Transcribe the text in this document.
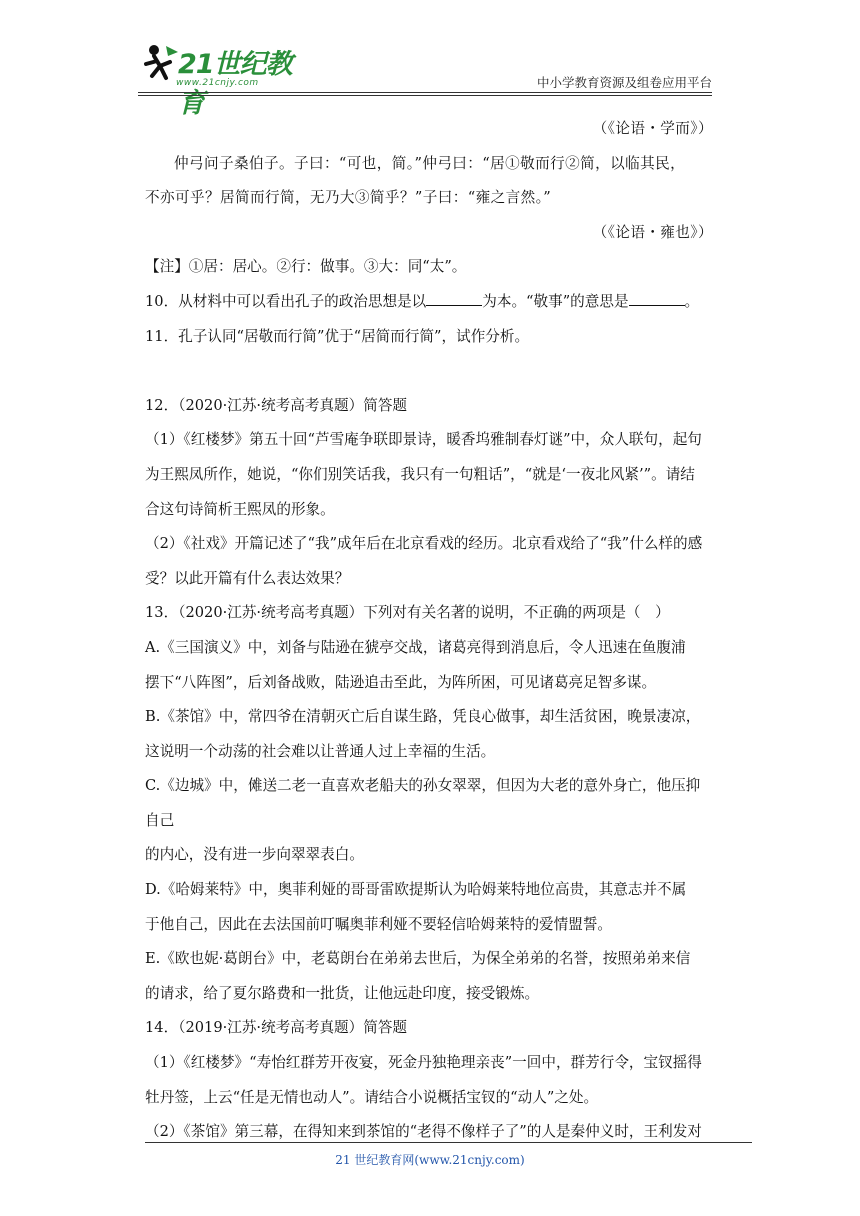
21世纪教育
www.21cnjy.com	中小学教育资源及组卷应用平台

（《论语・学而》）

仲弓问子桑伯子。子曰：“可也，简。”仲弓曰：“居①敬而行②简，以临其民，

不亦可乎？居简而行简，无乃大③简乎？”子曰：“雍之言然。”

（《论语・雍也》）

【注】①居：居心。②行：做事。③大：同“太”。

10．从材料中可以看出孔子的政治思想是以	为本。“敬事”的意思是	。

11．孔子认同“居敬而行简”优于“居简而行简”，试作分析。

12．（2020·江苏·统考高考真题）简答题

（1）《红楼梦》第五十回“芦雪庵争联即景诗，暖香坞雅制春灯谜”中，众人联句，起句

为王熙凤所作，她说，“你们别笑话我，我只有一句粗话”，“就是‘一夜北风紧’”。请结

合这句诗简析王熙凤的形象。

（2）《社戏》开篇记述了“我”成年后在北京看戏的经历。北京看戏给了“我”什么样的感

受？以此开篇有什么表达效果？

13．（2020·江苏·统考高考真题）下列对有关名著的说明，不正确的两项是（　）

A.《三国演义》中，刘备与陆逊在猇亭交战，诸葛亮得到消息后，令人迅速在鱼腹浦

摆下“八阵图”，后刘备战败，陆逊追击至此，为阵所困，可见诸葛亮足智多谋。

B.《茶馆》中，常四爷在清朝灭亡后自谋生路，凭良心做事，却生活贫困，晚景凄凉，

这说明一个动荡的社会难以让普通人过上幸福的生活。

C.《边城》中，傩送二老一直喜欢老船夫的孙女翠翠，但因为大老的意外身亡，他压抑

自己

的内心，没有进一步向翠翠表白。

D.《哈姆莱特》中，奥菲利娅的哥哥雷欧提斯认为哈姆莱特地位高贵，其意志并不属

于他自己，因此在去法国前叮嘱奥菲利娅不要轻信哈姆莱特的爱情盟誓。

E.《欧也妮·葛朗台》中，老葛朗台在弟弟去世后，为保全弟弟的名誉，按照弟弟来信

的请求，给了夏尔路费和一批货，让他远赴印度，接受锻炼。

14．（2019·江苏·统考高考真题）简答题

（1）《红楼梦》“寿怡红群芳开夜宴，死金丹独艳理亲丧”一回中，群芳行令，宝钗摇得

牡丹签，上云“任是无情也动人”。请结合小说概括宝钗的“动人”之处。

（2）《茶馆》第三幕，在得知来到茶馆的“老得不像样子了”的人是秦仲义时，王利发对

21 世纪教育网(www.21cnjy.com)
